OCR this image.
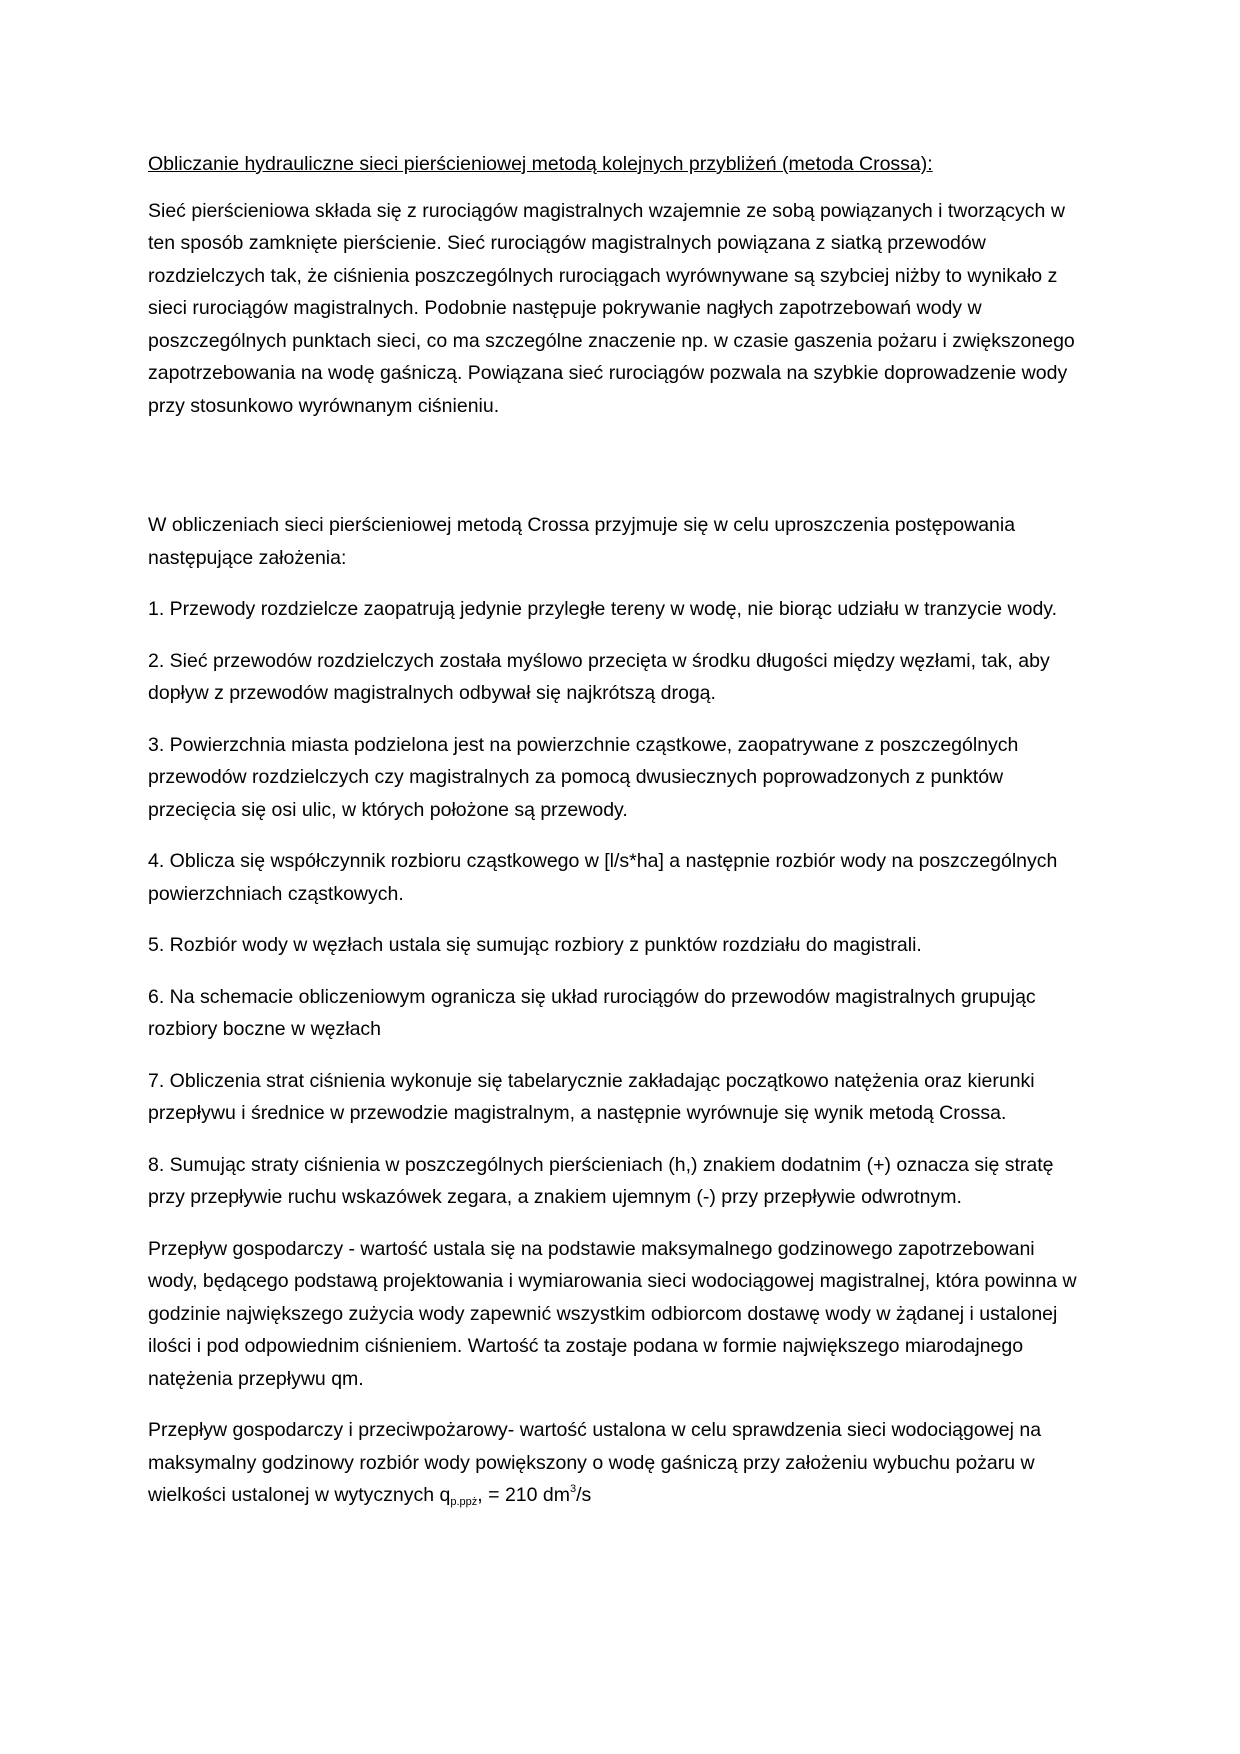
Obliczanie hydrauliczne sieci pierścieniowej metodą kolejnych przybliżeń (metoda Crossa):

Sieć pierścieniowa składa się z rurociągów magistralnych wzajemnie ze sobą powiązanych i tworzących w ten sposób zamknięte pierścienie. Sieć rurociągów magistralnych powiązana z siatką przewodów rozdzielczych tak, że ciśnienia poszczególnych rurociągach wyrównywane są szybciej niżby to wynikało z sieci rurociągów magistralnych. Podobnie następuje pokrywanie nagłych zapotrzebowań wody w poszczególnych punktach sieci, co ma szczególne znaczenie np. w czasie gaszenia pożaru i zwiększonego zapotrzebowania na wodę gaśniczą. Powiązana sieć rurociągów pozwala na szybkie doprowadzenie wody przy stosunkowo wyrównanym ciśnieniu.

W obliczeniach sieci pierścieniowej metodą Crossa przyjmuje się w celu uproszczenia postępowania następujące założenia:

1. Przewody rozdzielcze zaopatrują jedynie przyległe tereny w wodę, nie biorąc udziału w tranzycie wody.

2. Sieć przewodów rozdzielczych została myślowo przecięta w środku długości między węzłami, tak, aby dopływ z przewodów magistralnych odbywał się najkrótszą drogą.

3. Powierzchnia miasta podzielona jest na powierzchnie cząstkowe, zaopatrywane z poszczególnych przewodów rozdzielczych czy magistralnych za pomocą dwusiecznych poprowadzonych z punktów przecięcia się osi ulic, w których położone są przewody.

4. Oblicza się współczynnik rozbioru cząstkowego w [l/s*ha] a następnie rozbiór wody na poszczególnych powierzchniach cząstkowych.

5. Rozbiór wody w węzłach ustala się sumując rozbiory z punktów rozdziału do magistrali.

6. Na schemacie obliczeniowym ogranicza się układ rurociągów do przewodów magistralnych grupując rozbiory boczne w węzłach

7. Obliczenia strat ciśnienia wykonuje się tabelarycznie zakładając początkowo natężenia oraz kierunki przepływu i średnice w przewodzie magistralnym, a następnie wyrównuje się wynik metodą Crossa.

8. Sumując straty ciśnienia w poszczególnych pierścieniach (h,) znakiem dodatnim (+) oznacza się stratę przy przepływie ruchu wskazówek zegara, a znakiem ujemnym (-) przy przepływie odwrotnym.

Przepływ gospodarczy - wartość ustala się na podstawie maksymalnego godzinowego zapotrzebowani wody, będącego podstawą projektowania i wymiarowania sieci wodociągowej magistralnej, która powinna w godzinie największego zużycia wody zapewnić wszystkim odbiorcom dostawę wody w żądanej i ustalonej ilości i pod odpowiednim ciśnieniem. Wartość ta zostaje podana w formie największego miarodajnego natężenia przepływu qm.

Przepływ gospodarczy i przeciwpożarowy- wartość ustalona w celu sprawdzenia sieci wodociągowej na maksymalny godzinowy rozbiór wody powiększony o wodę gaśniczą przy założeniu wybuchu pożaru w wielkości ustalonej w wytycznych $q_{p.ppż}$, = 210 $dm^3/s$
